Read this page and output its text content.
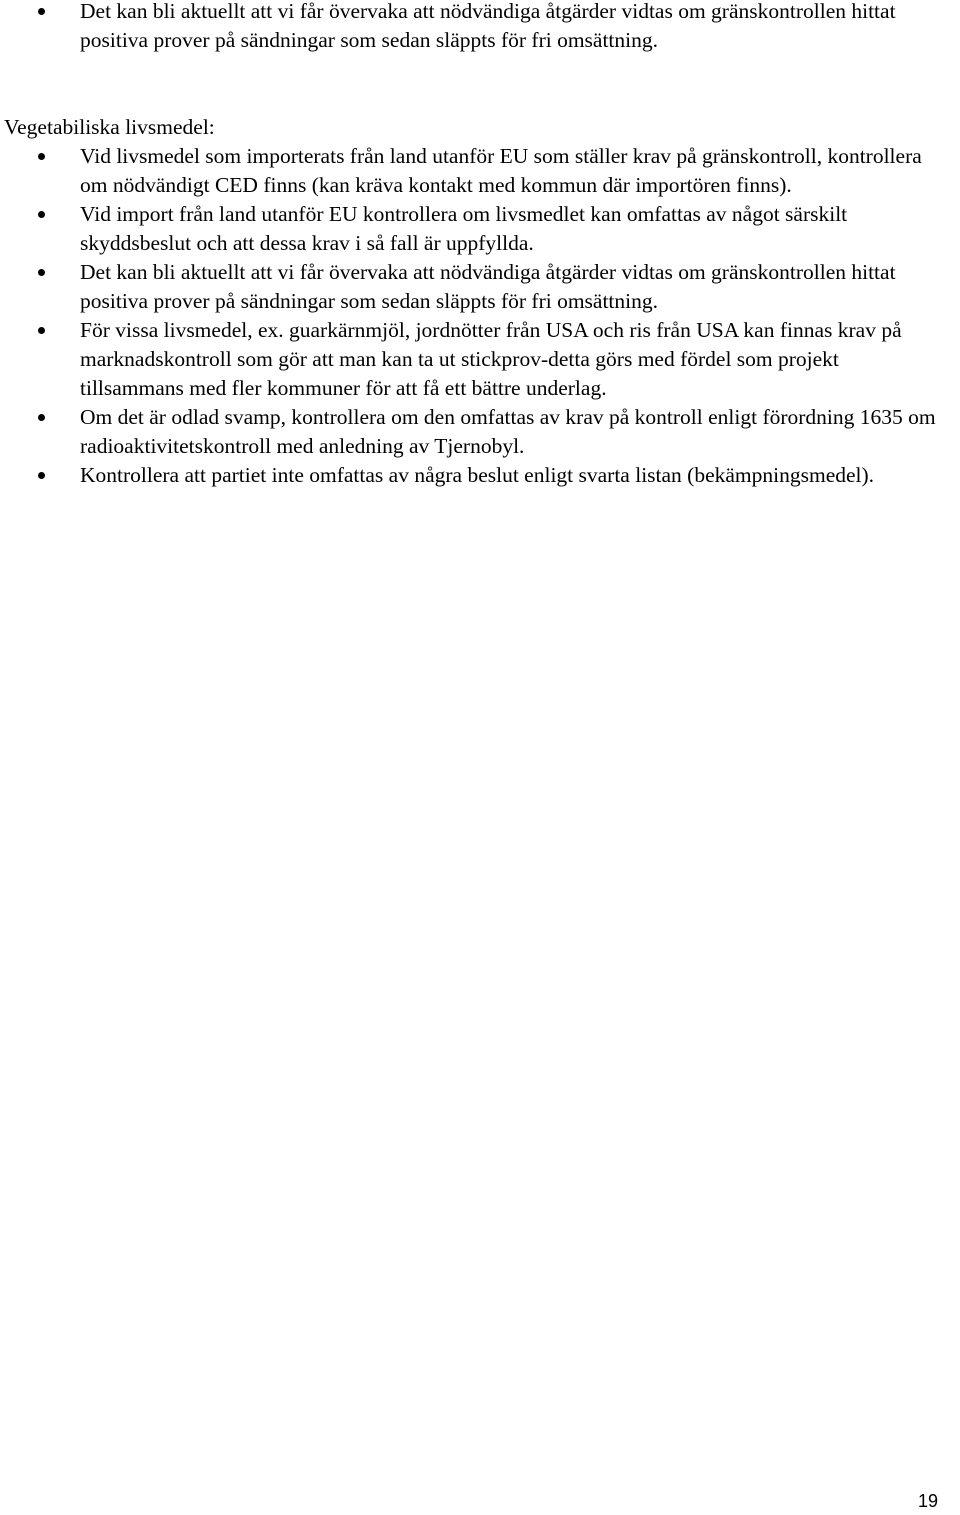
Det kan bli aktuellt att vi får övervaka att nödvändiga åtgärder vidtas om gränskontrollen hittat positiva prover på sändningar som sedan släppts för fri omsättning.
Vegetabiliska livsmedel:
Vid livsmedel som importerats från land utanför EU som ställer krav på gränskontroll, kontrollera om nödvändigt CED finns (kan kräva kontakt med kommun där importören finns).
Vid import från land utanför EU kontrollera om livsmedlet kan omfattas av något särskilt skyddsbeslut och att dessa krav i så fall är uppfyllda.
Det kan bli aktuellt att vi får övervaka att nödvändiga åtgärder vidtas om gränskontrollen hittat positiva prover på sändningar som sedan släppts för fri omsättning.
För vissa livsmedel, ex. guarkärnmjöl, jordnötter från USA och ris från USA kan finnas krav på marknadskontroll som gör att man kan ta ut stickprov-detta görs med fördel som projekt tillsammans med fler kommuner för att få ett bättre underlag.
Om det är odlad svamp, kontrollera om den omfattas av krav på kontroll enligt förordning 1635 om radioaktivitetskontroll med anledning av Tjernobyl.
Kontrollera att partiet inte omfattas av några beslut enligt svarta listan (bekämpningsmedel).
19
